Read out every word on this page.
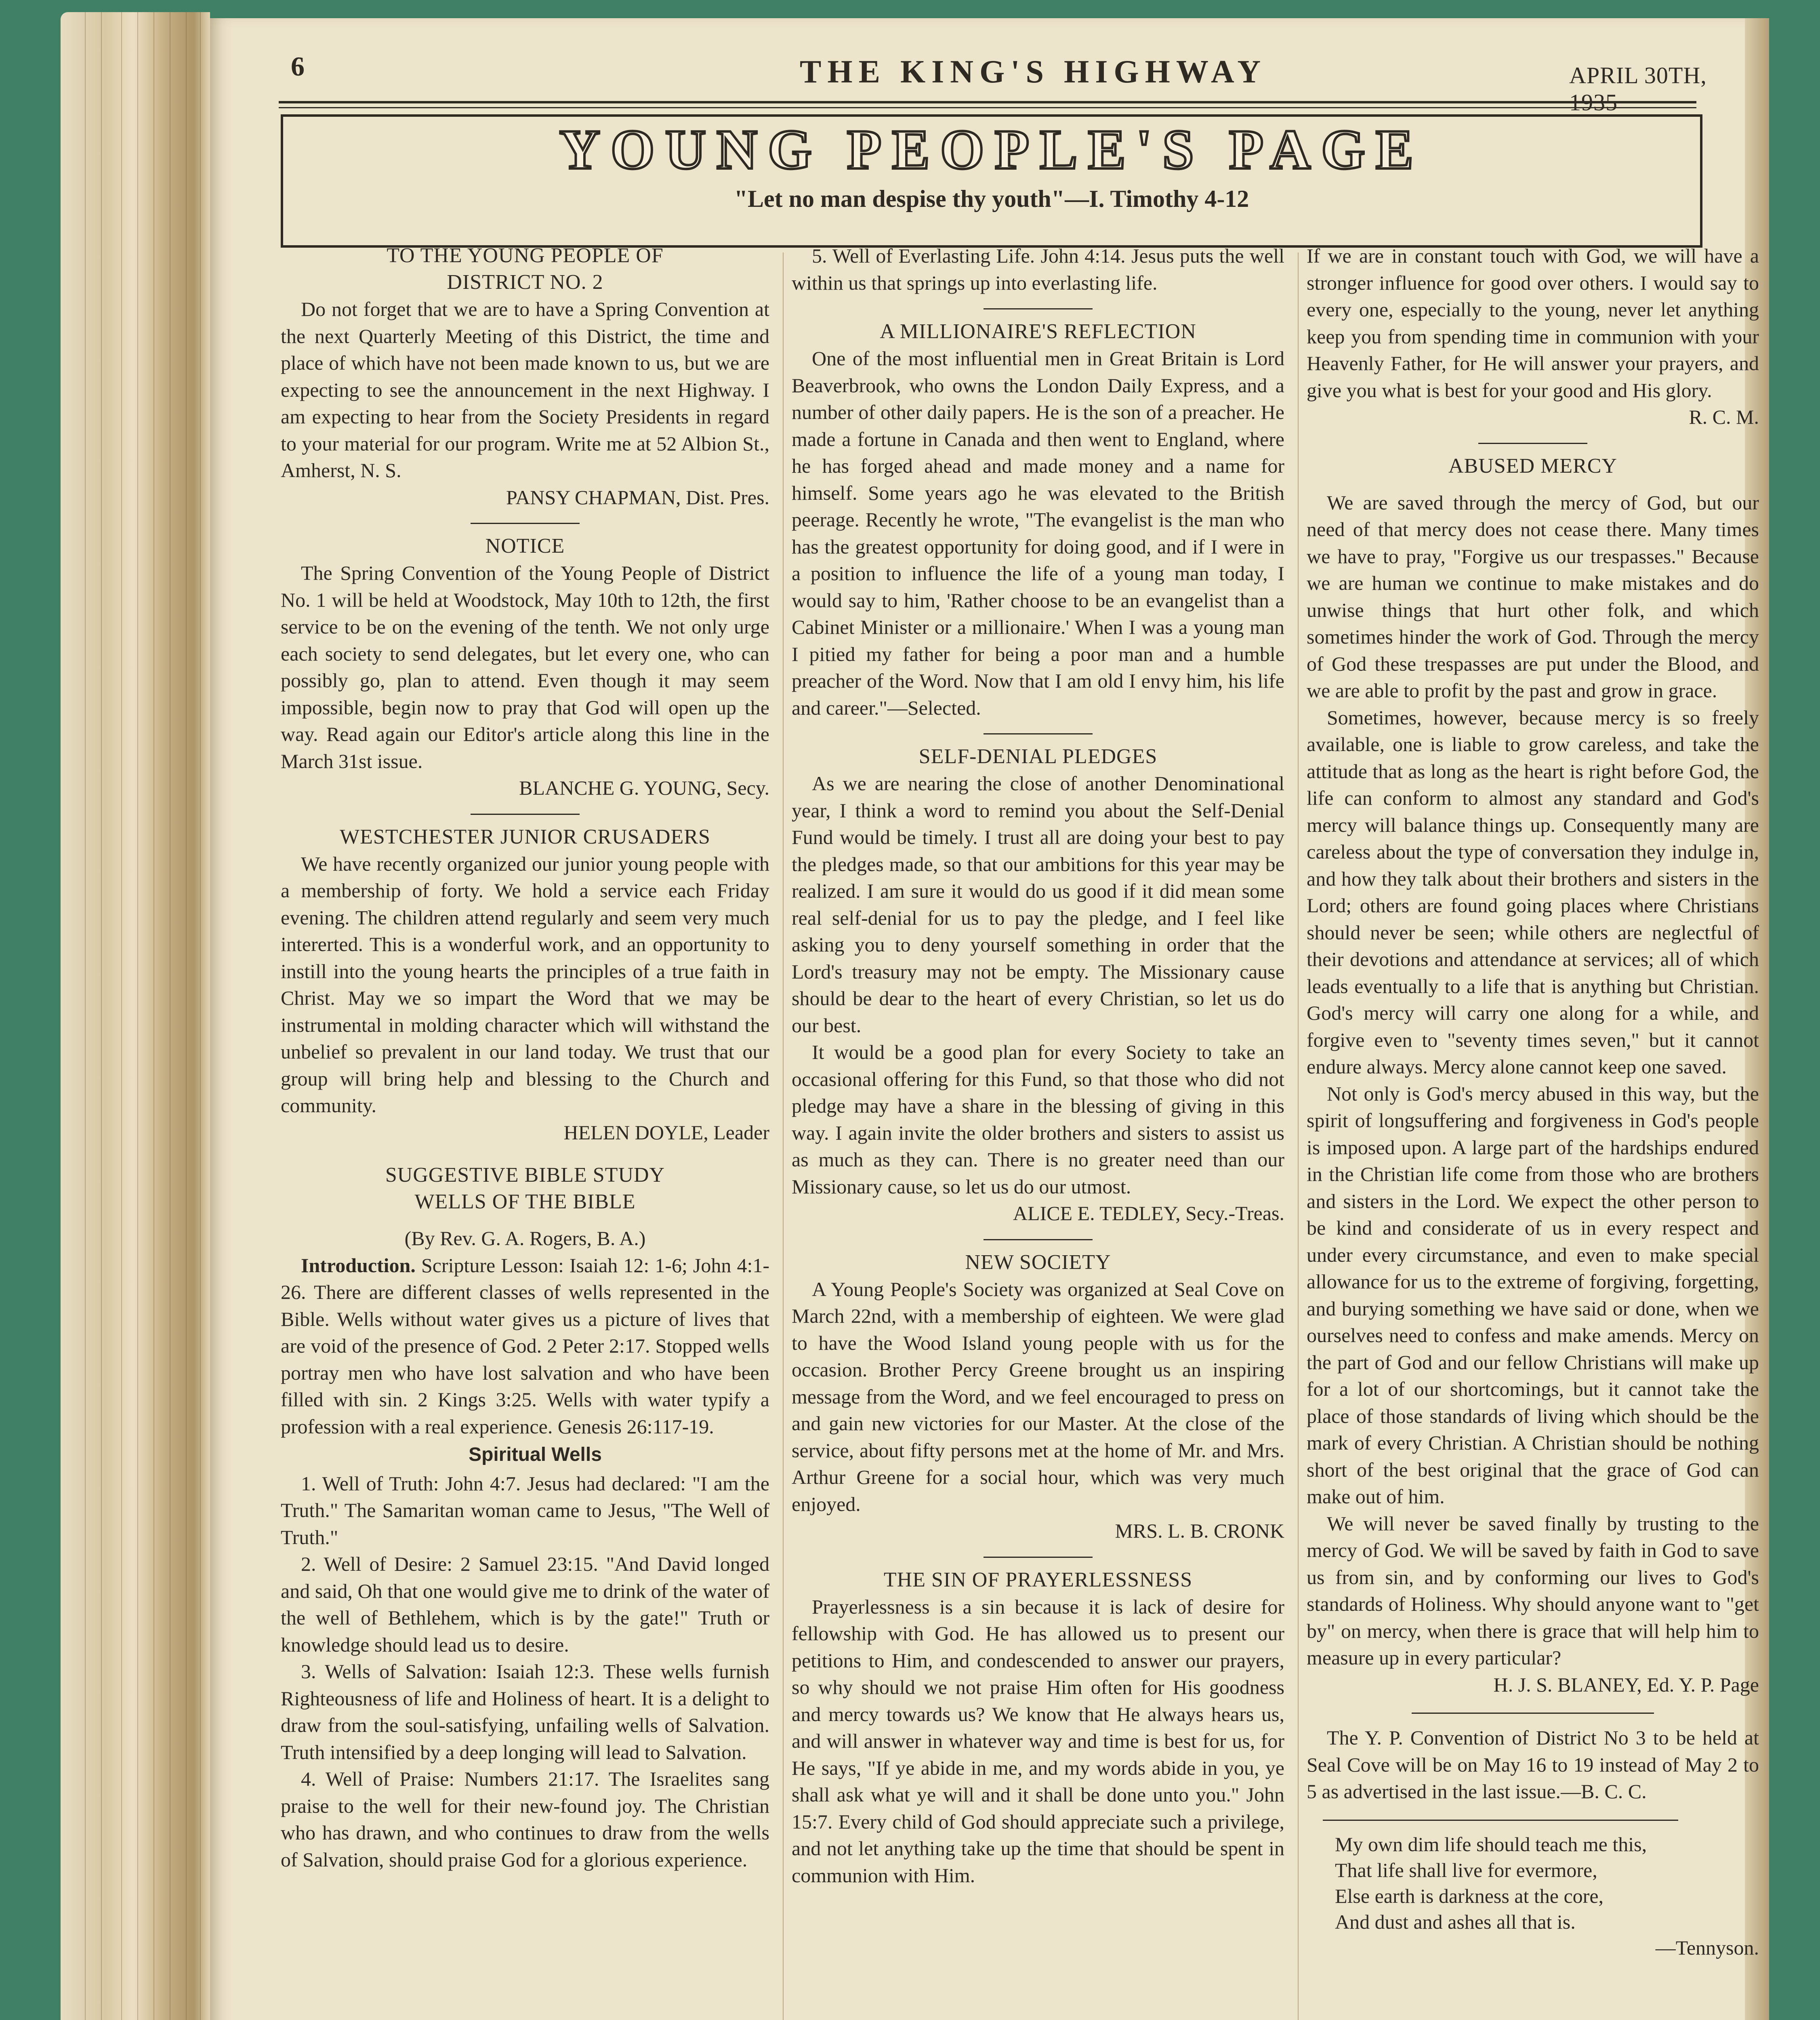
6	THE KING'S HIGHWAY	APRIL 30TH, 1935
YOUNG PEOPLE'S PAGE
"Let no man despise thy youth"—I. Timothy 4-12
TO THE YOUNG PEOPLE OF
DISTRICT NO. 2

Do not forget that we are to have a Spring Convention at the next Quarterly Meeting of this District, the time and place of which have not been made known to us, but we are expecting to see the announcement in the next Highway. I am expecting to hear from the Society Presidents in regard to your material for our program. Write me at 52 Albion St., Amherst, N. S.

PANSY CHAPMAN, Dist. Pres.

NOTICE

The Spring Convention of the Young People of District No. 1 will be held at Woodstock, May 10th to 12th, the first service to be on the evening of the tenth. We not only urge each society to send delegates, but let every one, who can possibly go, plan to attend. Even though it may seem impossible, begin now to pray that God will open up the way. Read again our Editor's article along this line in the March 31st issue.

BLANCHE G. YOUNG, Secy.

WESTCHESTER JUNIOR CRUSADERS

We have recently organized our junior young people with a membership of forty. We hold a service each Friday evening. The children attend regularly and seem very much intererted. This is a wonderful work, and an opportunity to instill into the young hearts the principles of a true faith in Christ. May we so impart the Word that we may be instrumental in molding character which will withstand the unbelief so prevalent in our land today. We trust that our group will bring help and blessing to the Church and community.

HELEN DOYLE, Leader

SUGGESTIVE BIBLE STUDY
WELLS OF THE BIBLE

(By Rev. G. A. Rogers, B. A.)

Introduction. Scripture Lesson: Isaiah 12: 1-6; John 4:1-26. There are different classes of wells represented in the Bible. Wells without water gives us a picture of lives that are void of the presence of God. 2 Peter 2:17. Stopped wells portray men who have lost salvation and who have been filled with sin. 2 Kings 3:25. Wells with water typify a profession with a real experience. Genesis 26:117-19.

Spiritual Wells

1. Well of Truth: John 4:7. Jesus had declared: "I am the Truth." The Samaritan woman came to Jesus, "The Well of Truth."

2. Well of Desire: 2 Samuel 23:15. "And David longed and said, Oh that one would give me to drink of the water of the well of Bethlehem, which is by the gate!" Truth or knowledge should lead us to desire.

3. Wells of Salvation: Isaiah 12:3. These wells furnish Righteousness of life and Holiness of heart. It is a delight to draw from the soul-satisfying, unfailing wells of Salvation. Truth intensified by a deep longing will lead to Salvation.

4. Well of Praise: Numbers 21:17. The Israelites sang praise to the well for their new-found joy. The Christian who has drawn, and who continues to draw from the wells of Salvation, should praise God for a glorious experience.

5. Well of Everlasting Life. John 4:14. Jesus puts the well within us that springs up into everlasting life.

A MILLIONAIRE'S REFLECTION

One of the most influential men in Great Britain is Lord Beaverbrook, who owns the London Daily Express, and a number of other daily papers. He is the son of a preacher. He made a fortune in Canada and then went to England, where he has forged ahead and made money and a name for himself. Some years ago he was elevated to the British peerage. Recently he wrote, "The evangelist is the man who has the greatest opportunity for doing good, and if I were in a position to influence the life of a young man today, I would say to him, 'Rather choose to be an evangelist than a Cabinet Minister or a millionaire.' When I was a young man I pitied my father for being a poor man and a humble preacher of the Word. Now that I am old I envy him, his life and career."—Selected.

SELF-DENIAL PLEDGES

As we are nearing the close of another Denominational year, I think a word to remind you about the Self-Denial Fund would be timely. I trust all are doing your best to pay the pledges made, so that our ambitions for this year may be realized. I am sure it would do us good if it did mean some real self-denial for us to pay the pledge, and I feel like asking you to deny yourself something in order that the Lord's treasury may not be empty. The Missionary cause should be dear to the heart of every Christian, so let us do our best.

It would be a good plan for every Society to take an occasional offering for this Fund, so that those who did not pledge may have a share in the blessing of giving in this way. I again invite the older brothers and sisters to assist us as much as they can. There is no greater need than our Missionary cause, so let us do our utmost.

ALICE E. TEDLEY, Secy.-Treas.

NEW SOCIETY

A Young People's Society was organized at Seal Cove on March 22nd, with a membership of eighteen. We were glad to have the Wood Island young people with us for the occasion. Brother Percy Greene brought us an inspiring message from the Word, and we feel encouraged to press on and gain new victories for our Master. At the close of the service, about fifty persons met at the home of Mr. and Mrs. Arthur Greene for a social hour, which was very much enjoyed.

MRS. L. B. CRONK

THE SIN OF PRAYERLESSNESS

Prayerlessness is a sin because it is lack of desire for fellowship with God. He has allowed us to present our petitions to Him, and condescended to answer our prayers, so why should we not praise Him often for His goodness and mercy towards us? We know that He always hears us, and will answer in whatever way and time is best for us, for He says, "If ye abide in me, and my words abide in you, ye shall ask what ye will and it shall be done unto you." John 15:7. Every child of God should appreciate such a privilege, and not let anything take up the time that should be spent in communion with Him.

If we are in constant touch with God, we will have a stronger influence for good over others. I would say to every one, especially to the young, never let anything keep you from spending time in communion with your Heavenly Father, for He will answer your prayers, and give you what is best for your good and His glory.

R. C. M.

ABUSED MERCY

We are saved through the mercy of God, but our need of that mercy does not cease there. Many times we have to pray, "Forgive us our trespasses." Because we are human we continue to make mistakes and do unwise things that hurt other folk, and which sometimes hinder the work of God. Through the mercy of God these trespasses are put under the Blood, and we are able to profit by the past and grow in grace.

Sometimes, however, because mercy is so freely available, one is liable to grow careless, and take the attitude that as long as the heart is right before God, the life can conform to almost any standard and God's mercy will balance things up. Consequently many are careless about the type of conversation they indulge in, and how they talk about their brothers and sisters in the Lord; others are found going places where Christians should never be seen; while others are neglectful of their devotions and attendance at services; all of which leads eventually to a life that is anything but Christian. God's mercy will carry one along for a while, and forgive even to "seventy times seven," but it cannot endure always. Mercy alone cannot keep one saved.

Not only is God's mercy abused in this way, but the spirit of longsuffering and forgiveness in God's people is imposed upon. A large part of the hardships endured in the Christian life come from those who are brothers and sisters in the Lord. We expect the other person to be kind and considerate of us in every respect and under every circumstance, and even to make special allowance for us to the extreme of forgiving, forgetting, and burying something we have said or done, when we ourselves need to confess and make amends. Mercy on the part of God and our fellow Christians will make up for a lot of our shortcomings, but it cannot take the place of those standards of living which should be the mark of every Christian. A Christian should be nothing short of the best original that the grace of God can make out of him.

We will never be saved finally by trusting to the mercy of God. We will be saved by faith in God to save us from sin, and by conforming our lives to God's standards of Holiness. Why should anyone want to "get by" on mercy, when there is grace that will help him to measure up in every particular?

H. J. S. BLANEY, Ed. Y. P. Page

The Y. P. Convention of District No 3 to be held at Seal Cove will be on May 16 to 19 instead of May 2 to 5 as advertised in the last issue.—B. C. C.

My own dim life should teach me this,
That life shall live for evermore,
Else earth is darkness at the core,
And dust and ashes all that is.
—Tennyson.
